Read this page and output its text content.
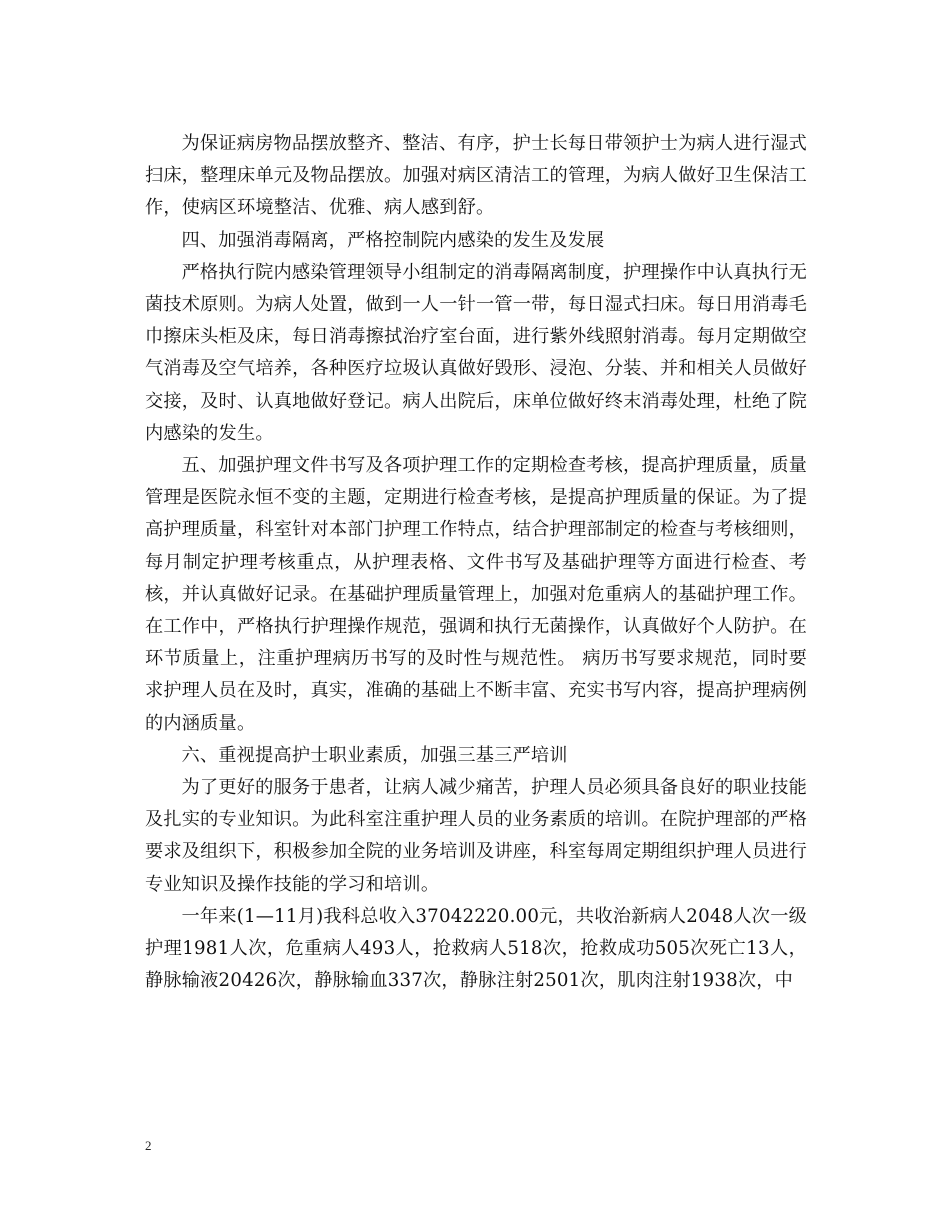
为保证病房物品摆放整齐、整洁、有序，护士长每日带领护士为病人进行湿式扫床，整理床单元及物品摆放。加强对病区清洁工的管理，为病人做好卫生保洁工作，使病区环境整洁、优雅、病人感到舒。

四、加强消毒隔离，严格控制院内感染的发生及发展

严格执行院内感染管理领导小组制定的消毒隔离制度，护理操作中认真执行无菌技术原则。为病人处置，做到一人一针一管一带，每日湿式扫床。每日用消毒毛巾擦床头柜及床，每日消毒擦拭治疗室台面，进行紫外线照射消毒。每月定期做空气消毒及空气培养，各种医疗垃圾认真做好毁形、浸泡、分装、并和相关人员做好交接，及时、认真地做好登记。病人出院后，床单位做好终末消毒处理，杜绝了院内感染的发生。

五、加强护理文件书写及各项护理工作的定期检查考核，提高护理质量，质量管理是医院永恒不变的主题，定期进行检查考核，是提高护理质量的保证。为了提高护理质量，科室针对本部门护理工作特点，结合护理部制定的检查与考核细则，每月制定护理考核重点，从护理表格、文件书写及基础护理等方面进行检查、考核，并认真做好记录。在基础护理质量管理上，加强对危重病人的基础护理工作。在工作中，严格执行护理操作规范，强调和执行无菌操作，认真做好个人防护。在环节质量上，注重护理病历书写的及时性与规范性。 病历书写要求规范，同时要求护理人员在及时，真实，准确的基础上不断丰富、充实书写内容，提高护理病例的内涵质量。

六、重视提高护士职业素质，加强三基三严培训

为了更好的服务于患者，让病人减少痛苦，护理人员必须具备良好的职业技能及扎实的专业知识。为此科室注重护理人员的业务素质的培训。在院护理部的严格要求及组织下，积极参加全院的业务培训及讲座，科室每周定期组织护理人员进行专业知识及操作技能的学习和培训。

一年来(1—11月)我科总收入37042220.00元，共收治新病人2048人次一级护理1981人次，危重病人493人，抢救病人518次，抢救成功505次死亡13人，静脉输液20426次，静脉输血337次，静脉注射2501次，肌肉注射1938次，中

2
